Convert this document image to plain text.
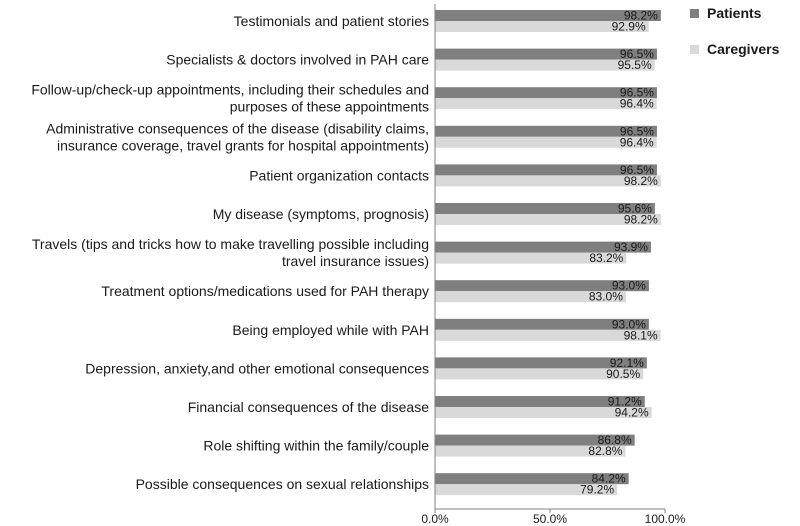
Testimonials and patient stories
Specialists & doctors involved in PAH care
Follow-up/check-up appointments, including their schedules and
purposes of these appointments
Administrative consequences of the disease (disability claims,
insurance coverage, travel grants for hospital appointments)
Patient organization contacts
My disease (symptoms, prognosis)
Travels (tips and tricks how to make travelling possible including
travel insurance issues)
Treatment options/medications used for PAH therapy
Being employed while with PAH
Depression, anxiety,and other emotional consequences
Financial consequences of the disease
Role shifting within the family/couple
Possible consequences on sexual relationships
98.2%
92.9%
96.5%
95.5%
96.5%
96.4%
96.5%
96.4%
96.5%
98.2%
95.6%
98.2%
93.9%
83.2%
93.0%
83.0%
93.0%
98.1%
92.1%
90.5%
91.2%
94.2%
86.8%
82.8%
84.2%
79.2%
0.0%	50.0%	100.0%
Patients
Caregivers
